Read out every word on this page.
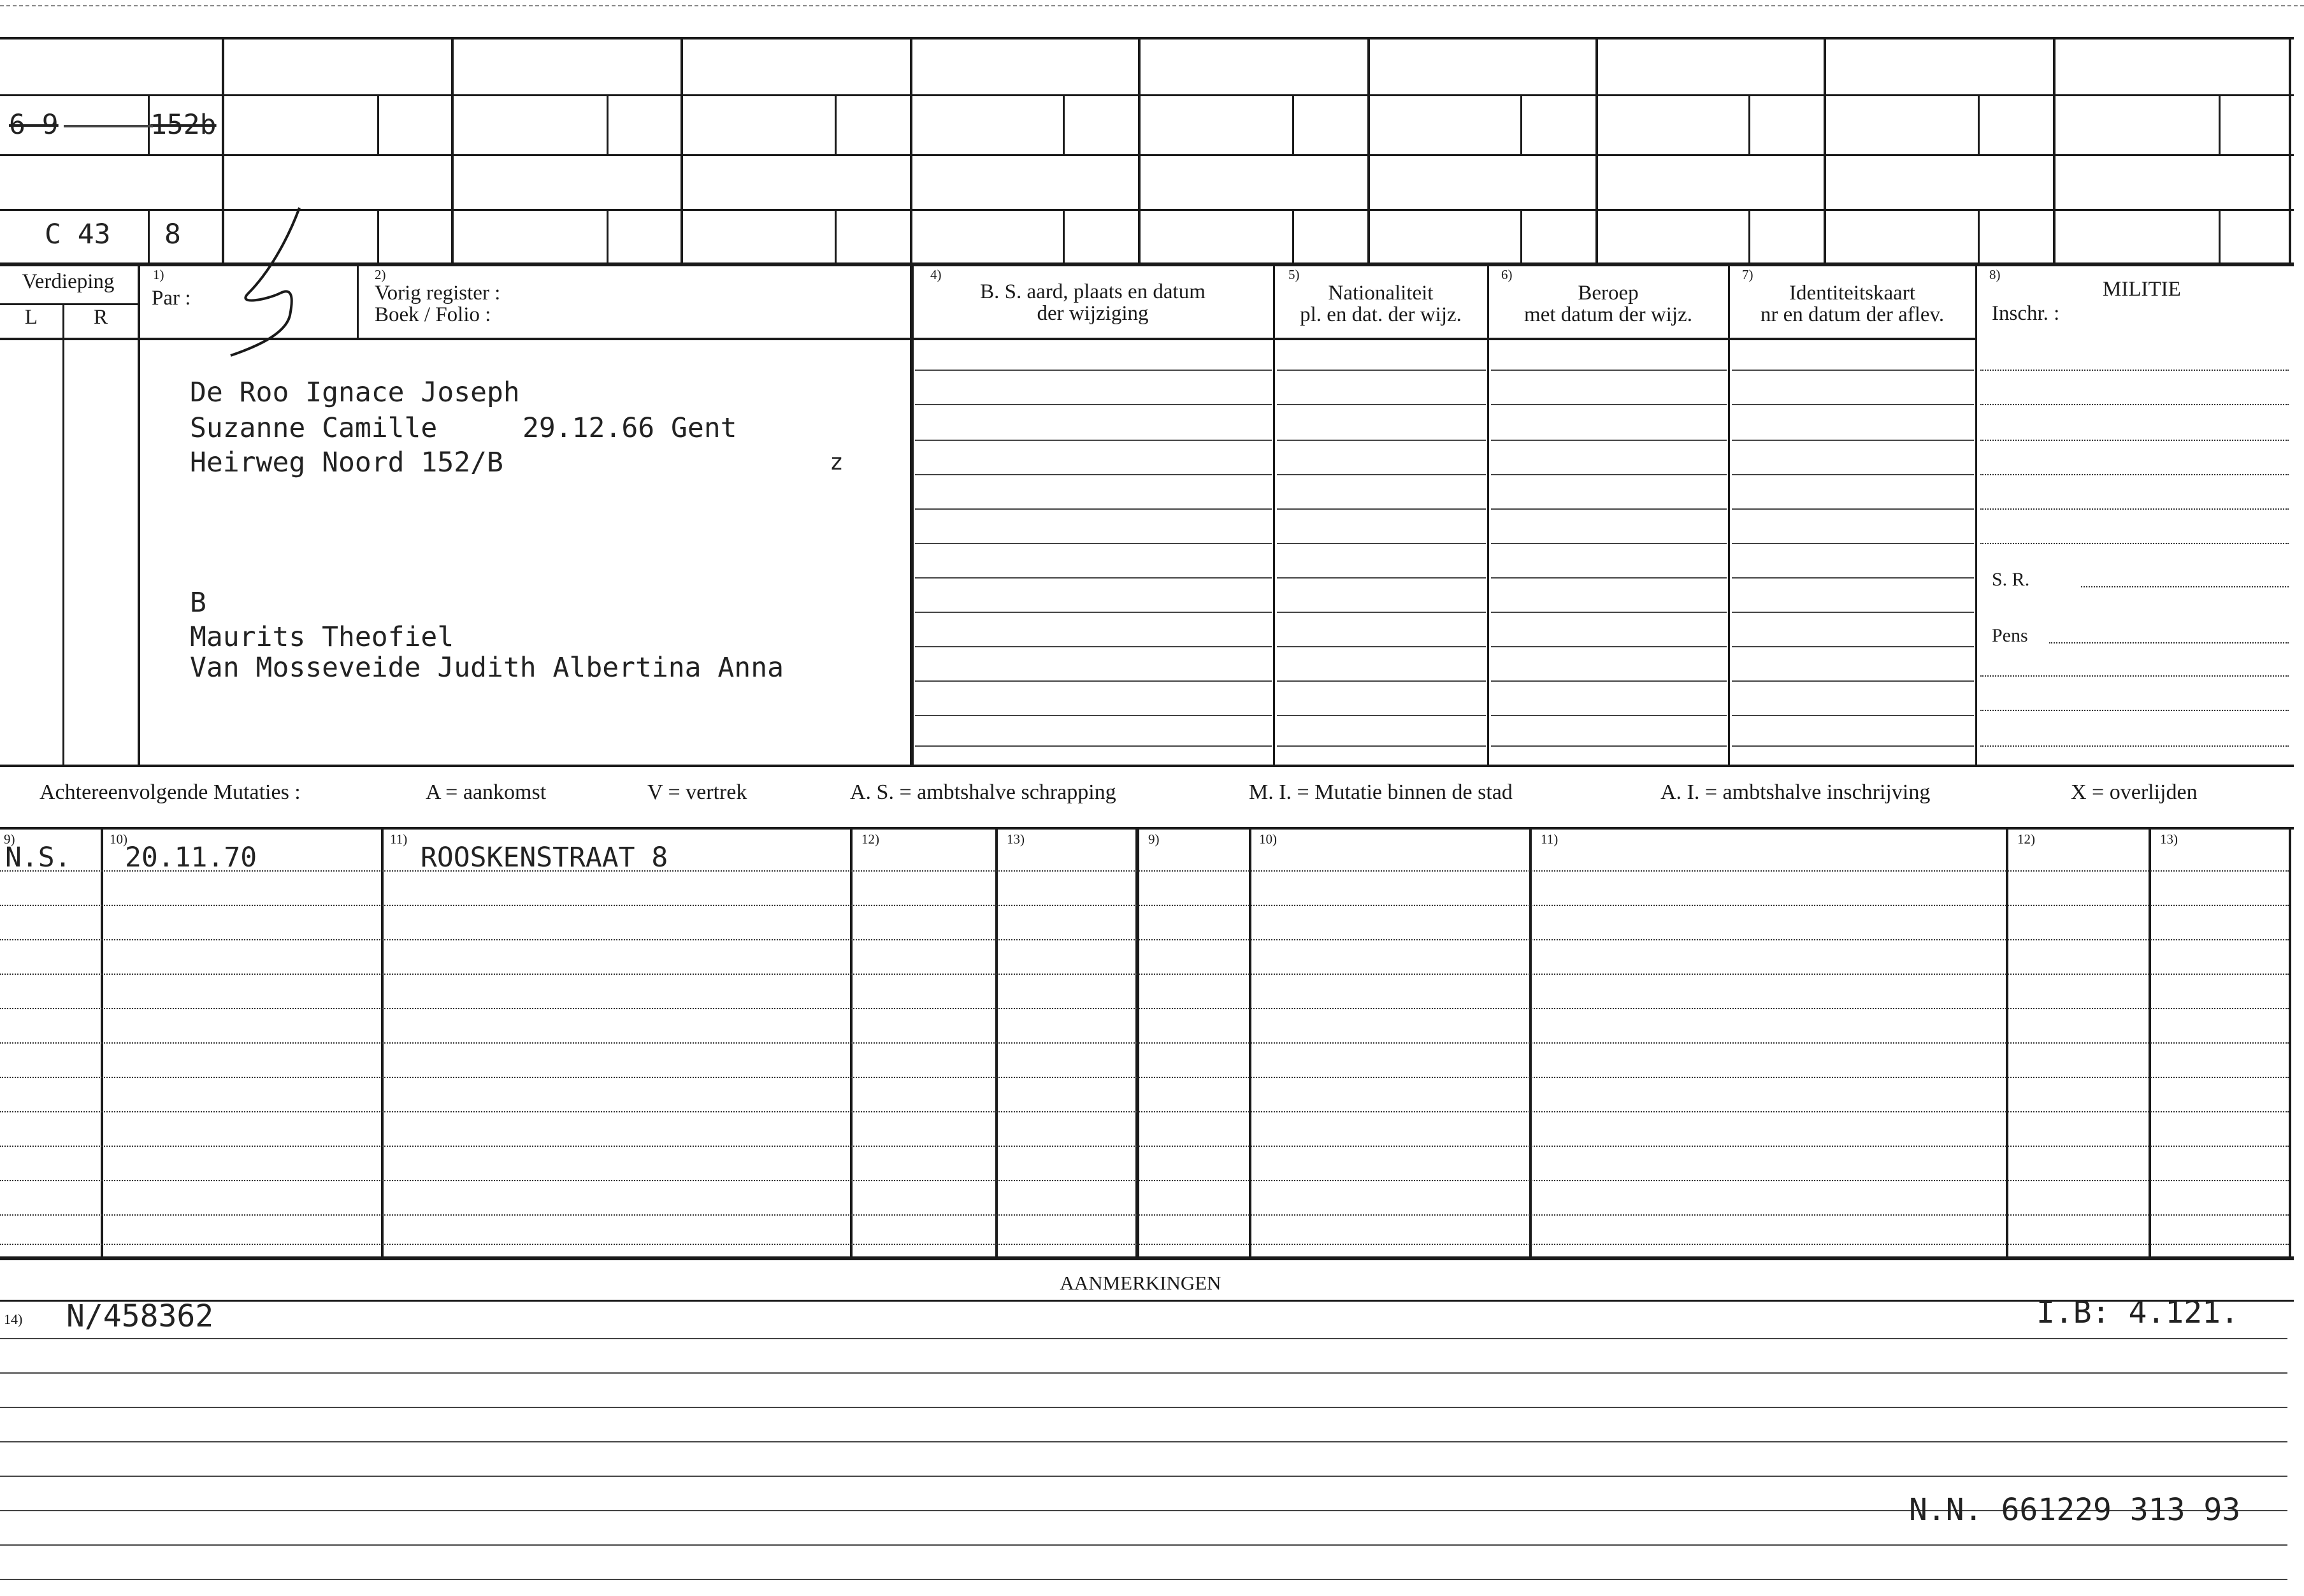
6 9	152b
C 43 8
Verdieping
L	R
1)
Par :
2)
Vorig register :
Boek / Folio :
4)
B. S. aard, plaats en datum
der wijziging
5)
Nationaliteit
pl. en dat. der wijz.
6)
Beroep
met datum der wijz.
7)
Identiteitskaart
nr en datum der aflev.
8)
MILITIE
Inschr. :
S. R.
Pens
De Roo Ignace Joseph
Suzanne Camille	29.12.66 Gent
Heirweg Noord 152/B	z
B
Maurits Theofiel
Van Mosseveide Judith Albertina Anna
Achtereenvolgende Mutaties :	A = aankomst	V = vertrek	A. S. = ambtshalve schrapping	M. I. = Mutatie binnen de stad	A. I. = ambtshalve inschrijving	X = overlijden
9)	10)	11)	12)	13)	9)	10)	11)	12)	13)
N.S. 20.11.70	ROOSKENSTRAAT 8
AANMERKINGEN
14) N/458362	I.B: 4.121.
N.N. 661229 313 93
